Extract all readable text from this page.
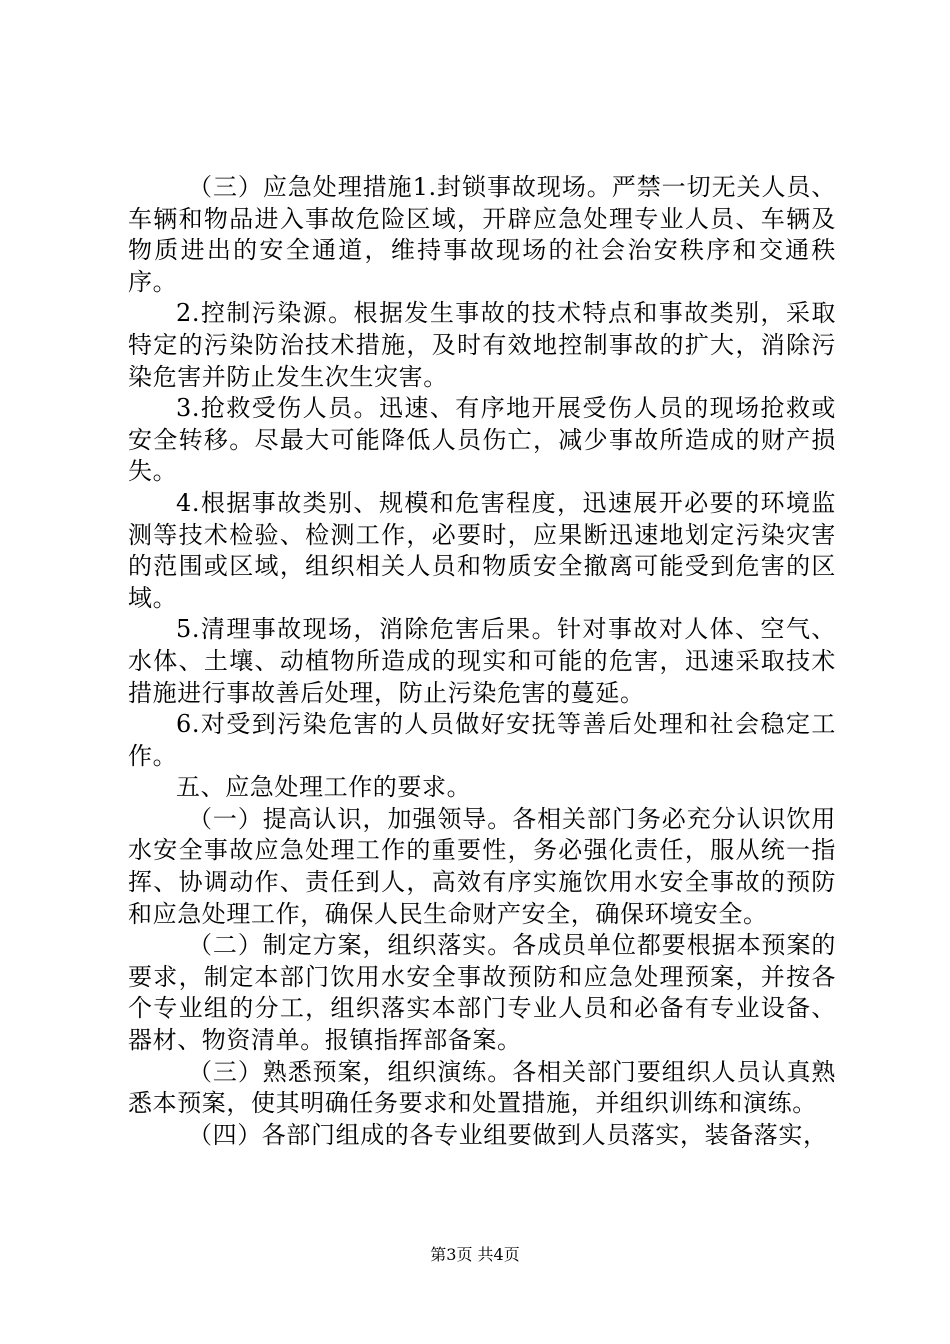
（三）应急处理措施1.封锁事故现场。严禁一切无关人员、车辆和物品进入事故危险区域，开辟应急处理专业人员、车辆及物质进出的安全通道，维持事故现场的社会治安秩序和交通秩序。

2.控制污染源。根据发生事故的技术特点和事故类别，采取特定的污染防治技术措施，及时有效地控制事故的扩大，消除污染危害并防止发生次生灾害。

3.抢救受伤人员。迅速、有序地开展受伤人员的现场抢救或安全转移。尽最大可能降低人员伤亡，减少事故所造成的财产损失。

4.根据事故类别、规模和危害程度，迅速展开必要的环境监测等技术检验、检测工作，必要时，应果断迅速地划定污染灾害的范围或区域，组织相关人员和物质安全撤离可能受到危害的区域。

5.清理事故现场，消除危害后果。针对事故对人体、空气、水体、土壤、动植物所造成的现实和可能的危害，迅速采取技术措施进行事故善后处理，防止污染危害的蔓延。

6.对受到污染危害的人员做好安抚等善后处理和社会稳定工作。

五、应急处理工作的要求。

（一）提高认识，加强领导。各相关部门务必充分认识饮用水安全事故应急处理工作的重要性，务必强化责任，服从统一指挥、协调动作、责任到人，高效有序实施饮用水安全事故的预防和应急处理工作，确保人民生命财产安全，确保环境安全。

（二）制定方案，组织落实。各成员单位都要根据本预案的要求，制定本部门饮用水安全事故预防和应急处理预案，并按各个专业组的分工，组织落实本部门专业人员和必备有专业设备、器材、物资清单。报镇指挥部备案。

（三）熟悉预案，组织演练。各相关部门要组织人员认真熟悉本预案，使其明确任务要求和处置措施，并组织训练和演练。

（四）各部门组成的各专业组要做到人员落实，装备落实，

第3页 共4页
